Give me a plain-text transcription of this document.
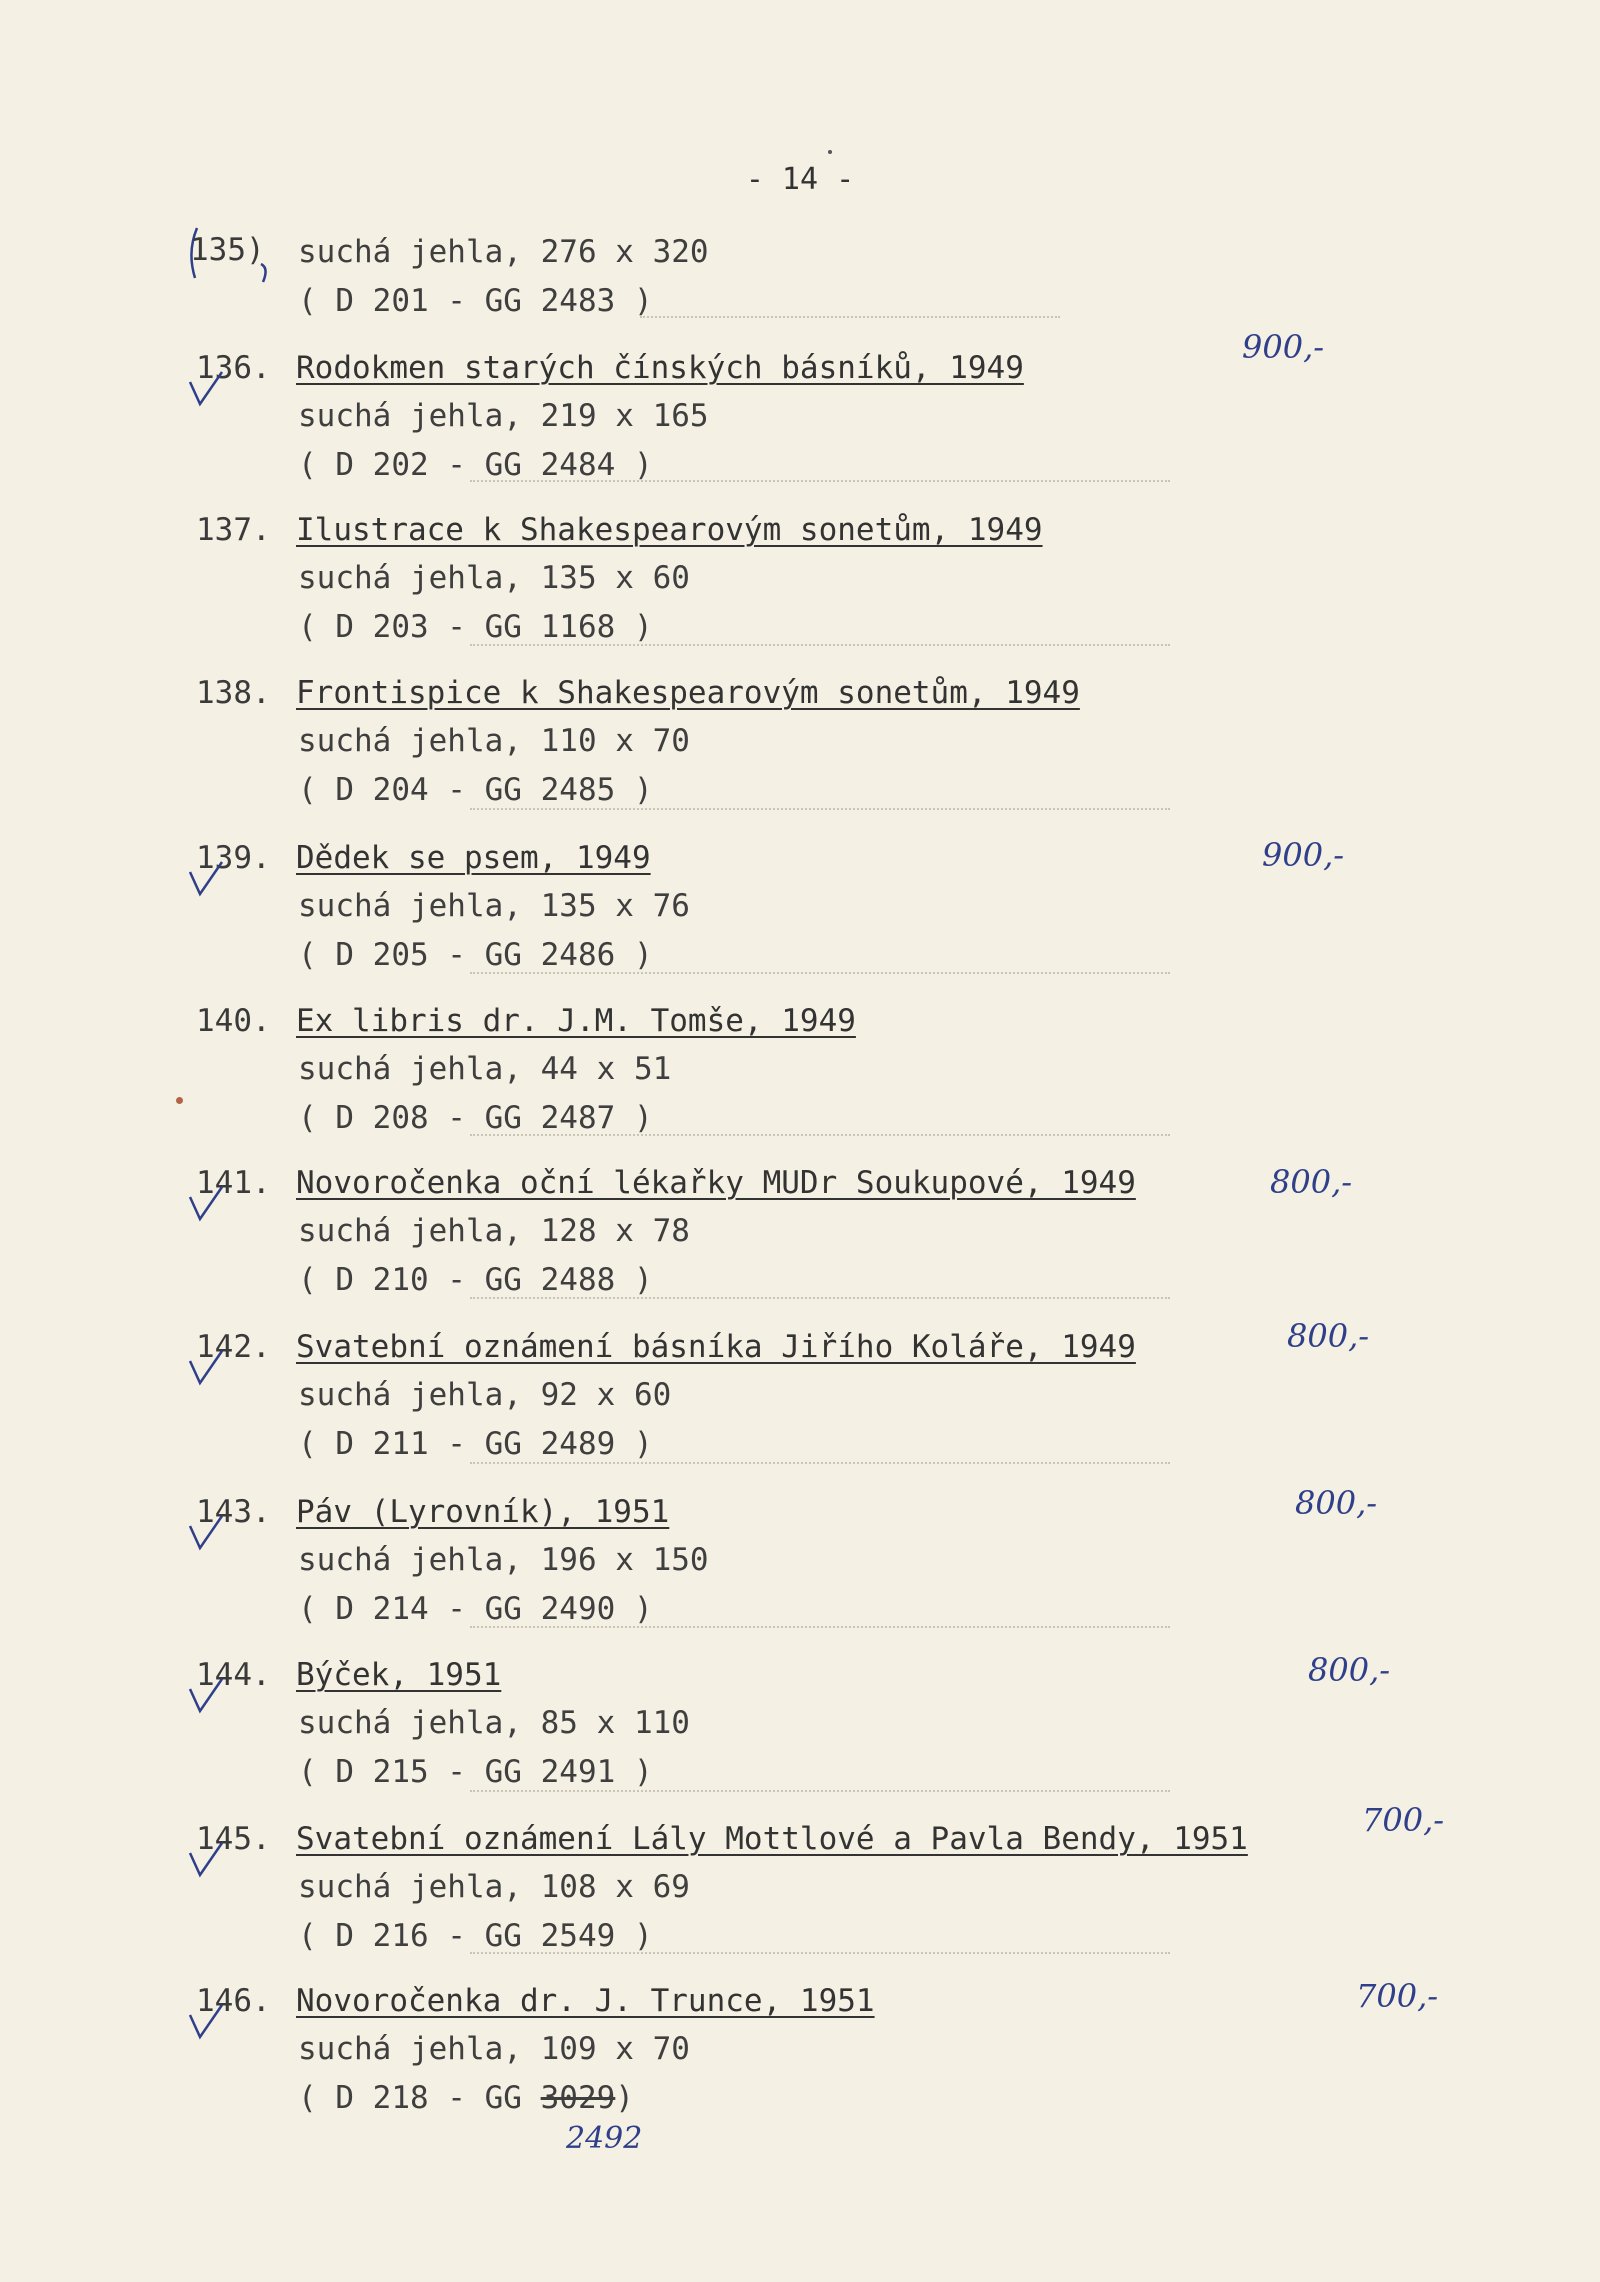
- 14 -
135) suchá jehla, 276 x 320
( D 201 - GG 2483 )
136. Rodokmen starých čínských básníků, 1949
suchá jehla, 219 x 165
( D 202 - GG 2484 )
900,-
137. Ilustrace k Shakespearovým sonetům, 1949
suchá jehla, 135 x 60
( D 203 - GG 1168 )
138. Frontispice k Shakespearovým sonetům, 1949
suchá jehla, 110 x 70
( D 204 - GG 2485 )
139. Dědek se psem, 1949
suchá jehla, 135 x 76
( D 205 - GG 2486 )
900,-
140. Ex libris dr. J.M. Tomše, 1949
suchá jehla, 44 x 51
( D 208 - GG 2487 )
141. Novoročenka oční lékařky MUDr Soukupové, 1949
suchá jehla, 128 x 78
( D 210 - GG 2488 )
800,-
142. Svatební oznámení básníka Jiřího Koláře, 1949
suchá jehla, 92 x 60
( D 211 - GG 2489 )
800,-
143. Páv (Lyrovník), 1951
suchá jehla, 196 x 150
( D 214 - GG 2490 )
800,-
144. Býček, 1951
suchá jehla, 85 x 110
( D 215 - GG 2491 )
800,-
145. Svatební oznámení Lály Mottlové a Pavla Bendy, 1951
suchá jehla, 108 x 69
( D 216 - GG 2549 )
700,-
146. Novoročenka dr. J. Trunce, 1951
suchá jehla, 109 x 70
( D 218 - GG 3029)
2492
700,-
